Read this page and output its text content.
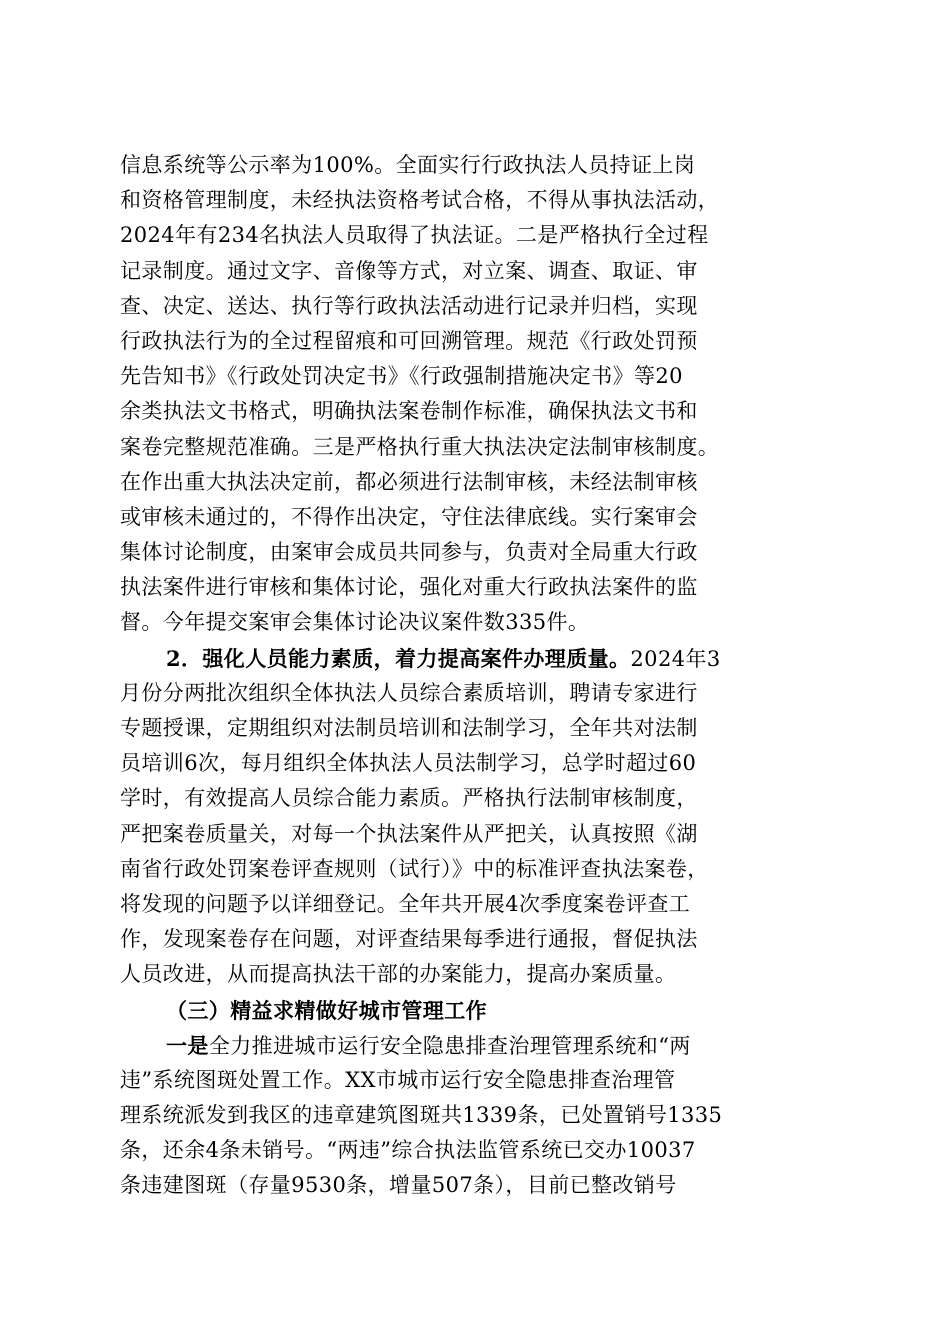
信息系统等公示率为100%。全面实行行政执法人员持证上岗
和资格管理制度，未经执法资格考试合格，不得从事执法活动，
2024年有234名执法人员取得了执法证。二是严格执行全过程
记录制度。通过文字、音像等方式，对立案、调查、取证、审
查、决定、送达、执行等行政执法活动进行记录并归档，实现
行政执法行为的全过程留痕和可回溯管理。规范《行政处罚预
先告知书》《行政处罚决定书》《行政强制措施决定书》等20
余类执法文书格式，明确执法案卷制作标准，确保执法文书和
案卷完整规范准确。三是严格执行重大执法决定法制审核制度。
在作出重大执法决定前，都必须进行法制审核，未经法制审核
或审核未通过的，不得作出决定，守住法律底线。实行案审会
集体讨论制度，由案审会成员共同参与，负责对全局重大行政
执法案件进行审核和集体讨论，强化对重大行政执法案件的监
督。今年提交案审会集体讨论决议案件数335件。
2．强化人员能力素质，着力提高案件办理质量。2024年3
月份分两批次组织全体执法人员综合素质培训，聘请专家进行
专题授课，定期组织对法制员培训和法制学习，全年共对法制
员培训6次，每月组织全体执法人员法制学习，总学时超过60
学时，有效提高人员综合能力素质。严格执行法制审核制度，
严把案卷质量关，对每一个执法案件从严把关，认真按照《湖
南省行政处罚案卷评查规则（试行）》中的标准评查执法案卷，
将发现的问题予以详细登记。全年共开展4次季度案卷评查工
作，发现案卷存在问题，对评查结果每季进行通报，督促执法
人员改进，从而提高执法干部的办案能力，提高办案质量。
（三）精益求精做好城市管理工作
一是全力推进城市运行安全隐患排查治理管理系统和“两
违”系统图斑处置工作。XX市城市运行安全隐患排查治理管
理系统派发到我区的违章建筑图斑共1339条，已处置销号1335
条，还余4条未销号。“两违”综合执法监管系统已交办10037
条违建图斑（存量9530条，增量507条），目前已整改销号
